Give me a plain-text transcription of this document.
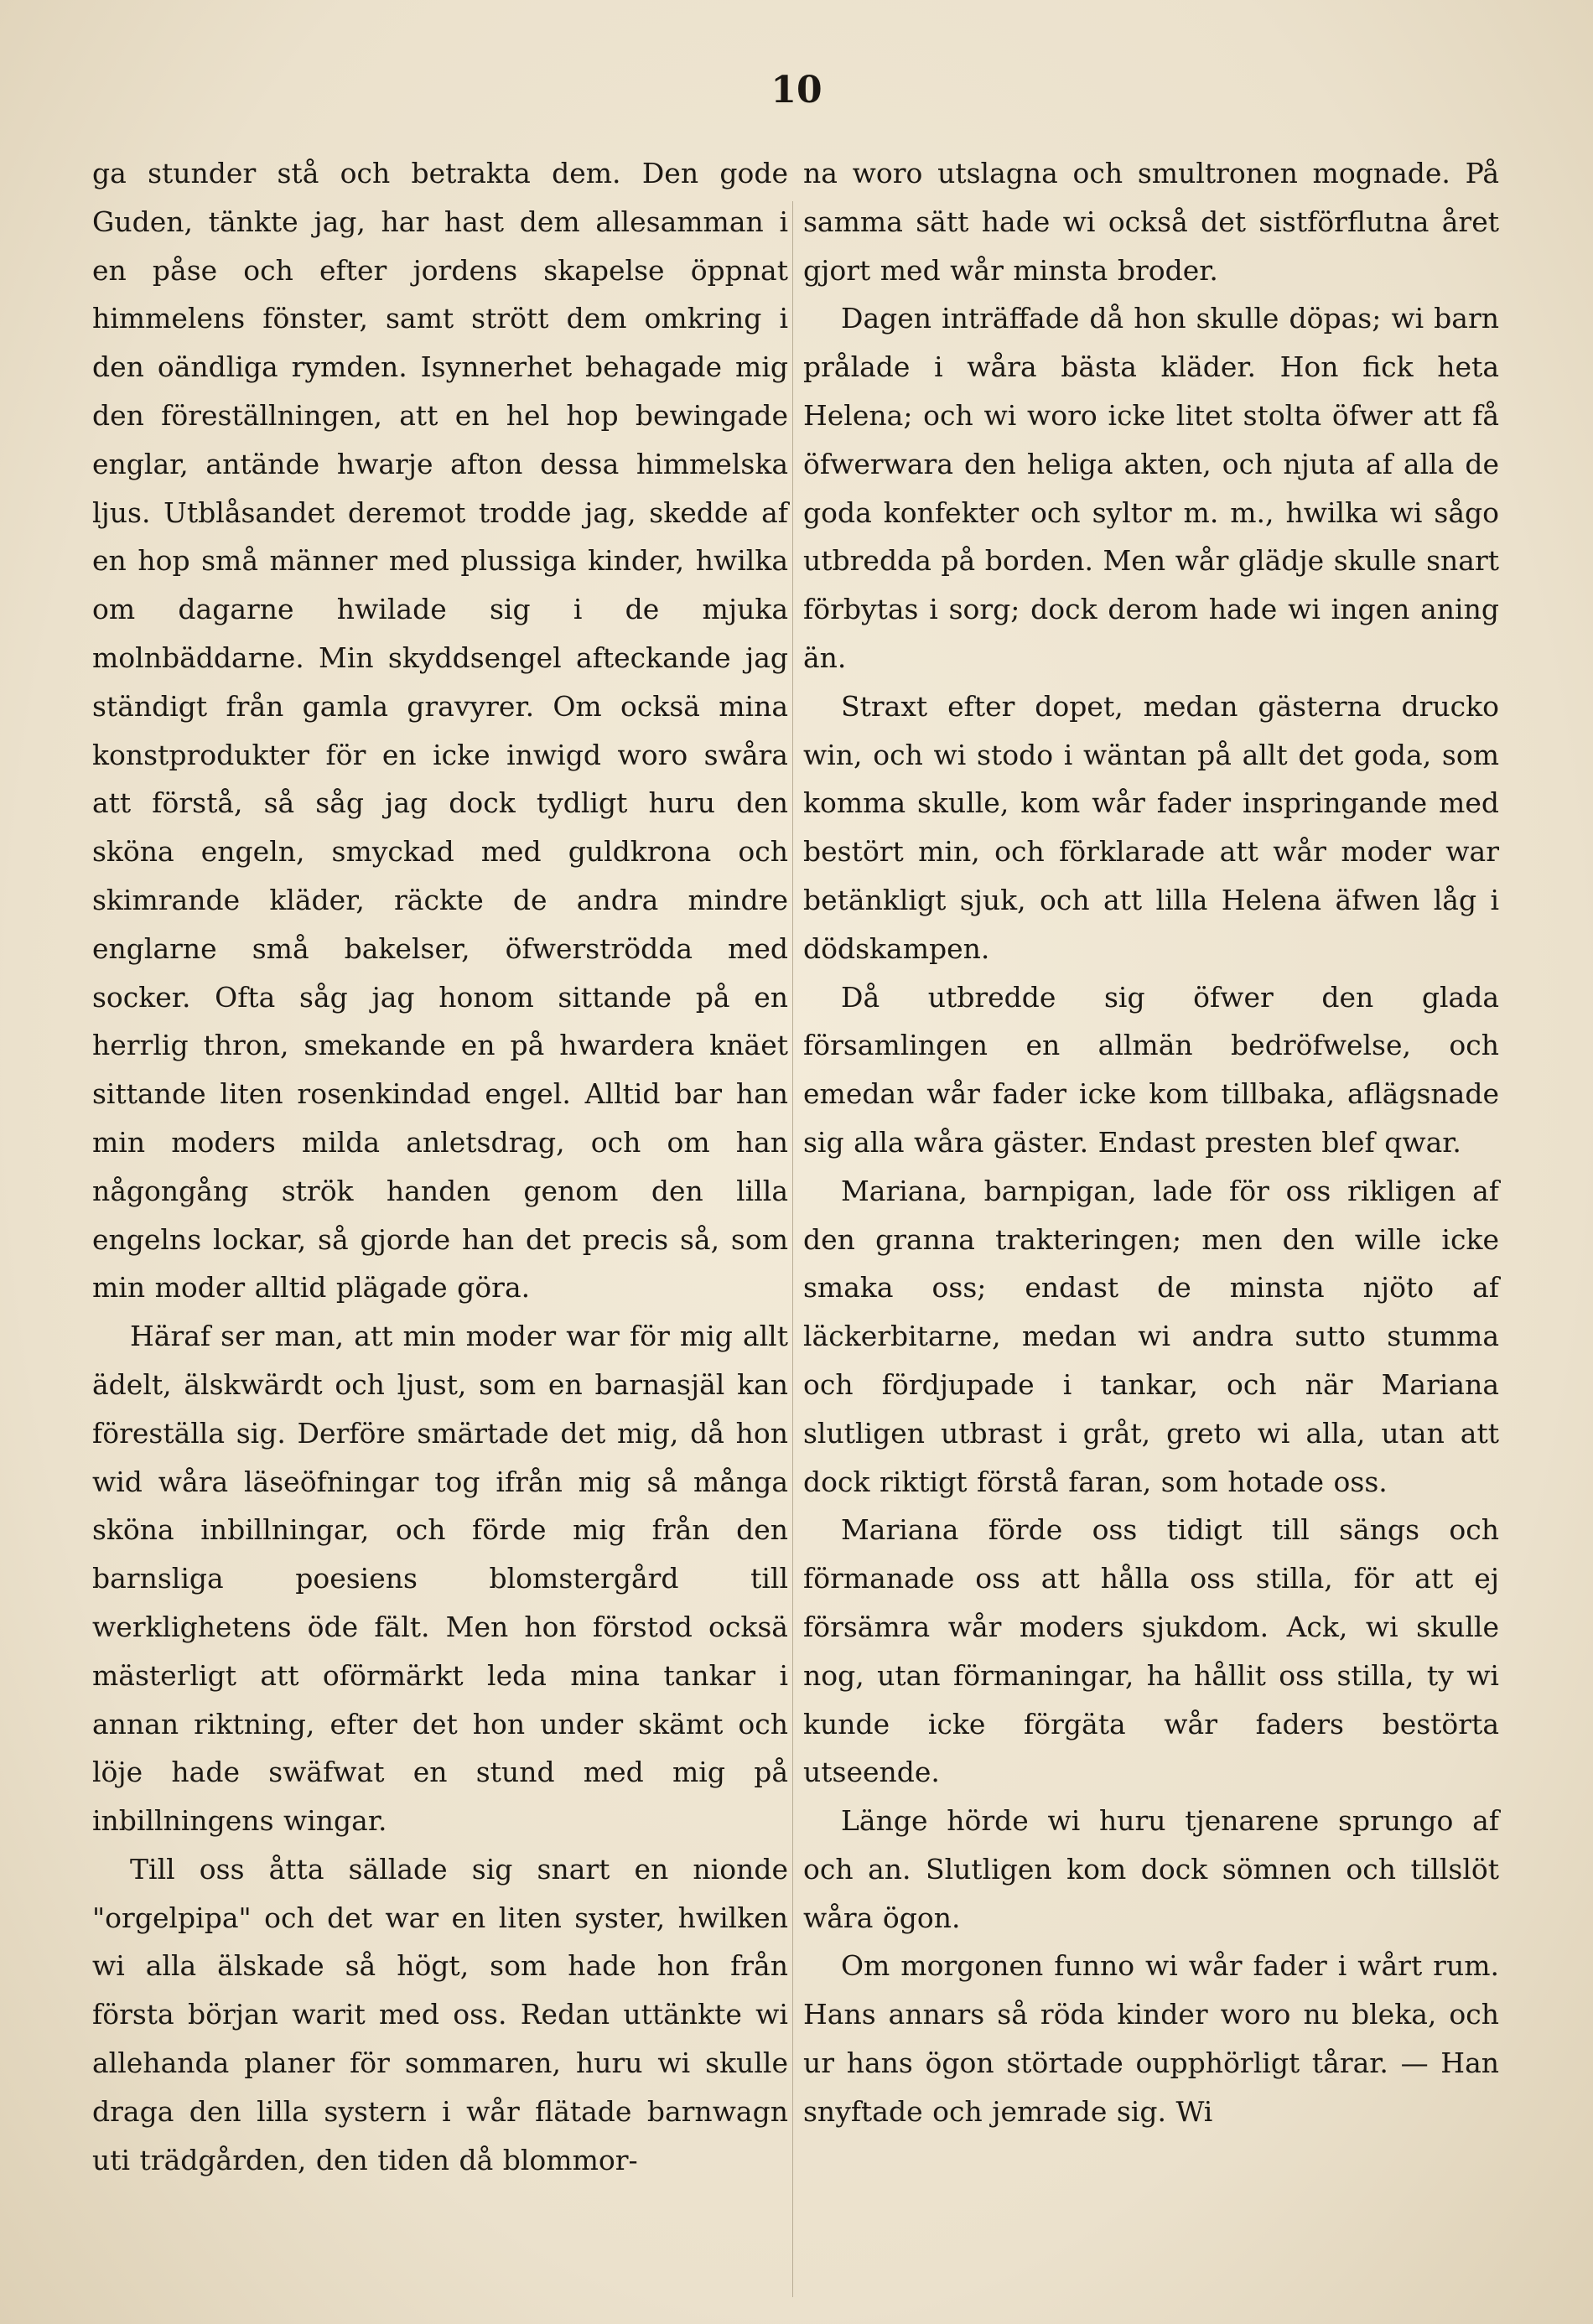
10

ga stunder stå och betrakta dem. Den gode Guden, tänkte jag, har hast dem allesamman i en påse och efter jordens skapelse öppnat himmelens fönster, samt strött dem omkring i den oändliga rymden. Isynnerhet behagade mig den föreställningen, att en hel hop bewingade englar, antände hwarje afton dessa himmelska ljus. Utblåsandet deremot trodde jag, skedde af en hop små männer med plussiga kinder, hwilka om dagarne hwilade sig i de mjuka molnbäddarne. Min skyddsengel afteckande jag ständigt från gamla gravyrer. Om ocksä mina konstprodukter för en icke inwigd woro swåra att förstå, så såg jag dock tydligt huru den sköna engeln, smyckad med guldkrona och skimrande kläder, räckte de andra mindre englarne små bakelser, öfwerströdda med socker. Ofta såg jag honom sittande på en herrlig thron, smekande en på hwardera knäet sittande liten rosenkindad engel. Alltid bar han min moders milda anletsdrag, och om han någongång strök handen genom den lilla engelns lockar, så gjorde han det precis så, som min moder alltid plägade göra.

Häraf ser man, att min moder war för mig allt ädelt, älskwärdt och ljust, som en barnasjäl kan föreställa sig. Derföre smärtade det mig, då hon wid wåra läseöfningar tog ifrån mig så många sköna inbillningar, och förde mig från den barnsliga poesiens blomstergård till werklighetens öde fält. Men hon förstod ocksä mästerligt att oförmärkt leda mina tankar i annan riktning, efter det hon under skämt och löje hade swäfwat en stund med mig på inbillningens wingar.

Till oss åtta sällade sig snart en nionde "orgelpipa" och det war en liten syster, hwilken wi alla älskade så högt, som hade hon från första början warit med oss. Redan uttänkte wi allehanda planer för sommaren, huru wi skulle draga den lilla systern i wår flätade barnwagn uti trädgården, den tiden då blommor-

na woro utslagna och smultronen mognade. På samma sätt hade wi också det sistförflutna året gjort med wår minsta broder.

Dagen inträffade då hon skulle döpas; wi barn prålade i wåra bästa kläder. Hon fick heta Helena; och wi woro icke litet stolta öfwer att få öfwerwara den heliga akten, och njuta af alla de goda konfekter och syltor m. m., hwilka wi sågo utbredda på borden. Men wår glädje skulle snart förbytas i sorg; dock derom hade wi ingen aning än.

Straxt efter dopet, medan gästerna drucko win, och wi stodo i wäntan på allt det goda, som komma skulle, kom wår fader inspringande med bestört min, och förklarade att wår moder war betänkligt sjuk, och att lilla Helena äfwen låg i dödskampen.

Då utbredde sig öfwer den glada församlingen en allmän bedröfwelse, och emedan wår fader icke kom tillbaka, aflägsnade sig alla wåra gäster. Endast presten blef qwar.

Mariana, barnpigan, lade för oss rikligen af den granna trakteringen; men den wille icke smaka oss; endast de minsta njöto af läckerbitarne, medan wi andra sutto stumma och fördjupade i tankar, och när Mariana slutligen utbrast i gråt, greto wi alla, utan att dock riktigt förstå faran, som hotade oss.

Mariana förde oss tidigt till sängs och förmanade oss att hålla oss stilla, för att ej försämra wår moders sjukdom. Ack, wi skulle nog, utan förmaningar, ha hållit oss stilla, ty wi kunde icke förgäta wår faders bestörta utseende.

Länge hörde wi huru tjenarene sprungo af och an. Slutligen kom dock sömnen och tillslöt wåra ögon.

Om morgonen funno wi wår fader i wårt rum. Hans annars så röda kinder woro nu bleka, och ur hans ögon störtade oupphörligt tårar. — Han snyftade och jemrade sig. Wi
